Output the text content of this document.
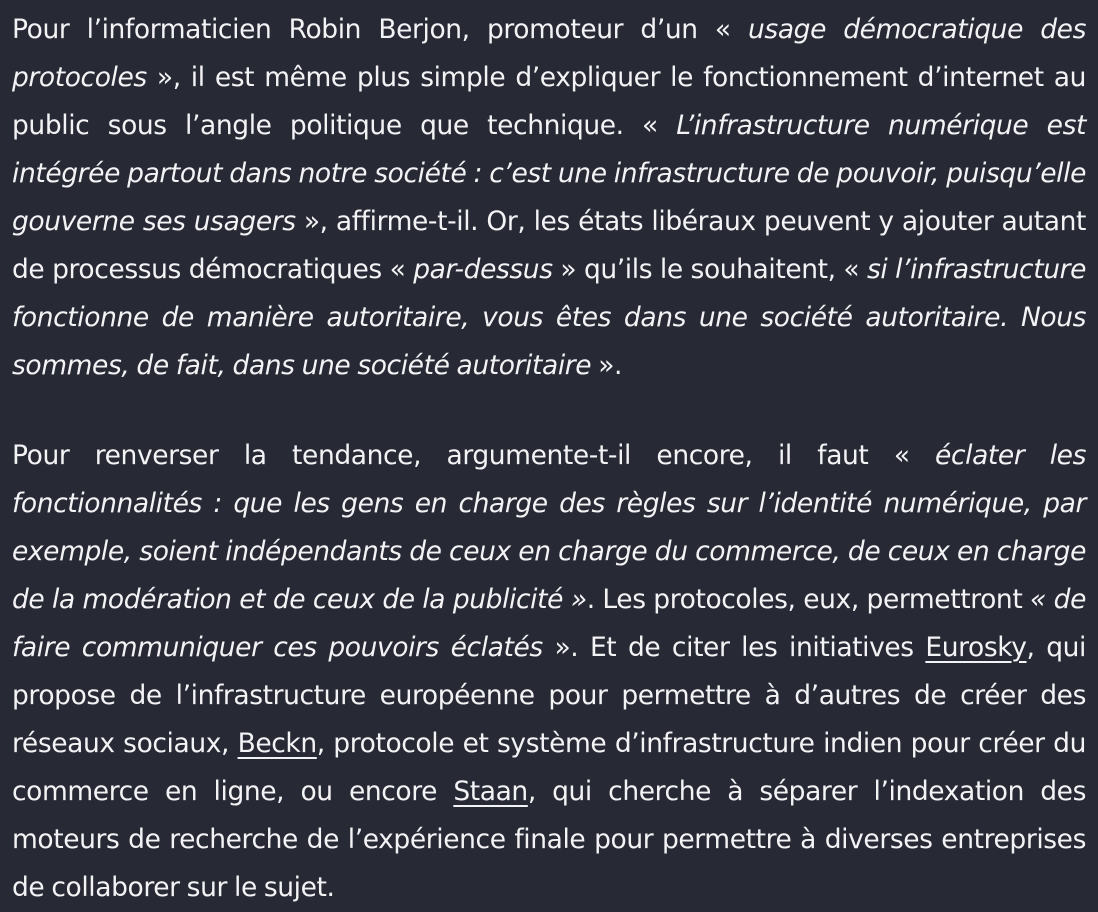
Pour l’informaticien Robin Berjon, promoteur d’un « usage démocratique des protocoles », il est même plus simple d’expliquer le fonctionnement d’internet au public sous l’angle politique que technique. « L’infrastructure numérique est intégrée partout dans notre société : c’est une infrastructure de pouvoir, puisqu’elle gouverne ses usagers », affirme-t-il. Or, les états libéraux peuvent y ajouter autant de processus démocratiques « par-dessus » qu’ils le souhaitent, « si l’infrastructure fonctionne de manière autoritaire, vous êtes dans une société autoritaire. Nous sommes, de fait, dans une société autoritaire ».

Pour renverser la tendance, argumente-t-il encore, il faut « éclater les fonctionnalités : que les gens en charge des règles sur l’identité numérique, par exemple, soient indépendants de ceux en charge du commerce, de ceux en charge de la modération et de ceux de la publicité ». Les protocoles, eux, permettront « de faire communiquer ces pouvoirs éclatés ». Et de citer les initiatives Eurosky, qui propose de l’infrastructure européenne pour permettre à d’autres de créer des réseaux sociaux, Beckn, protocole et système d’infrastructure indien pour créer du commerce en ligne, ou encore Staan, qui cherche à séparer l’indexation des moteurs de recherche de l’expérience finale pour permettre à diverses entreprises de collaborer sur le sujet.
